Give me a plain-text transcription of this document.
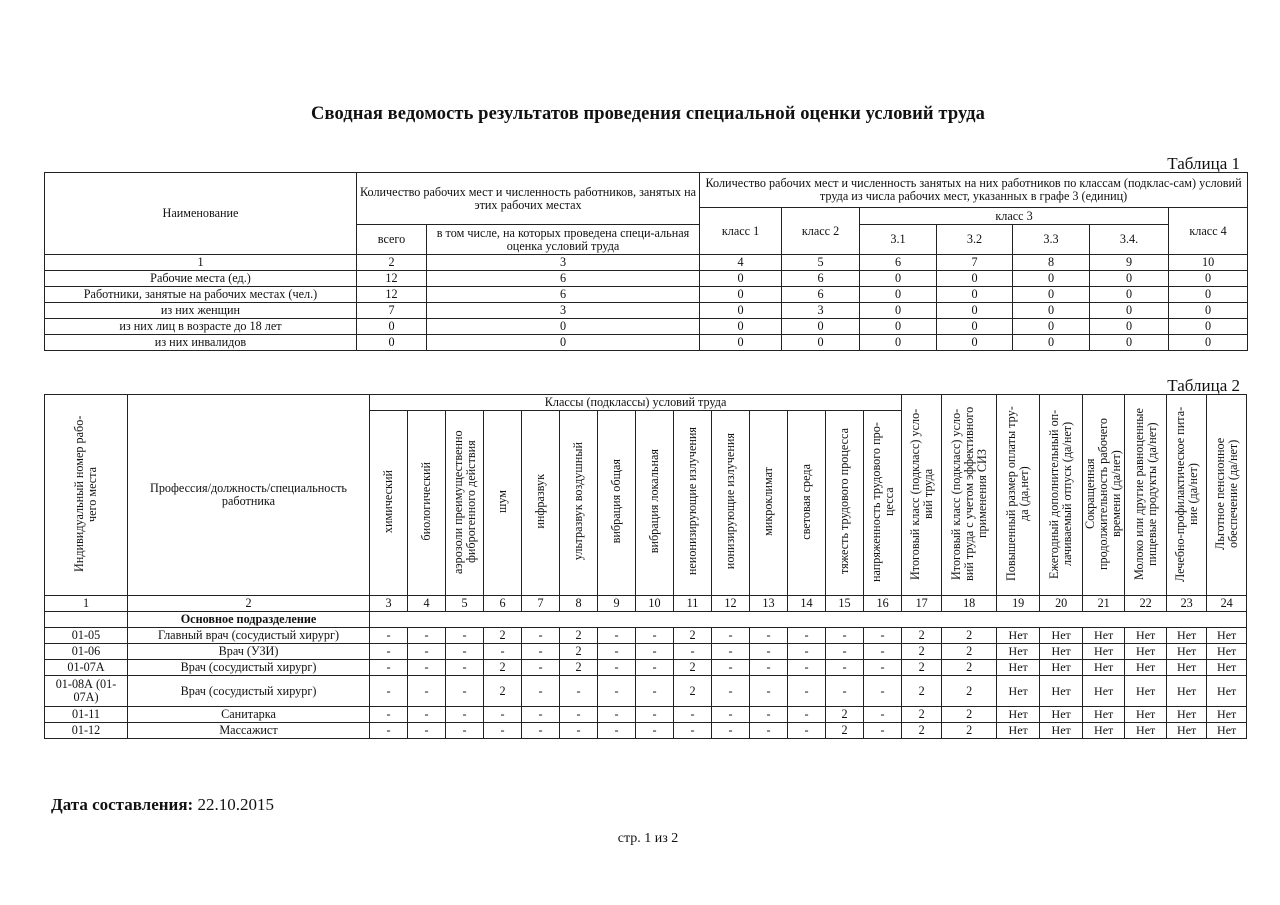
Сводная ведомость результатов проведения специальной оценки условий труда
Таблица 1
Наименование	Количество рабочих мест и численность работников, занятых на этих рабочих местах		Количество рабочих мест и численность занятых на них работников по классам (подклас-сам) условий труда из числа рабочих мест, указанных в графе 3 (единиц)						
			класс 1	класс 2	класс 3				класс 4
	всего	в том числе, на которых проведена специ-альная оценка условий труда			3.1	3.2	3.3	3.4.	
1	2	3	4	5	6	7	8	9	10
Рабочие места (ед.)	12	6	0	6	0	0	0	0	0
Работники, занятые на рабочих местах (чел.)	12	6	0	6	0	0	0	0	0
из них женщин	7	3	0	3	0	0	0	0	0
из них лиц в возрасте до 18 лет	0	0	0	0	0	0	0	0	0
из них инвалидов	0	0	0	0	0	0	0	0	0
Таблица 2
Индивидуальный номер рабо-чего места	Профессия/должность/специальность работника	Классы (подклассы) условий труда														Итоговый класс (подкласс) усло-вий труда	Итоговый класс (подкласс) усло-вий труда с учетом эффективного применения СИЗ	Повышенный размер оплаты тру-да (да,нет)	Ежегодный дополнительный оп-лачиваемый отпуск (да/нет)	Сокращенная продолжительность рабочего времени (да/нет)	Молоко или другие равноценные пищевые продукты (да/нет)	Лечебно-профилактическое пита-ние (да/нет)	Льготное пенсионное обеспечение (да/нет)
		химический	биологический	аэрозоли преимущественно фиброгенного действия	шум	инфразвук	ультразвук воздушный	вибрация общая	вибрация локальная	неионизирующие излучения	ионизирующие излучения	микроклимат	световая среда	тяжесть трудового процесса	напряженность трудового про-цесса								
1	2	3	4	5	6	7	8	9	10	11	12	13	14	15	16	17	18	19	20	21	22	23	24
	Основное подразделение																						
01-05	Главный врач (сосудистый хирург)	-	-	-	2	-	2	-	-	2	-	-	-	-	-	2	2	Нет	Нет	Нет	Нет	Нет	Нет
01-06	Врач (УЗИ)	-	-	-	-	-	2	-	-	-	-	-	-	-	-	2	2	Нет	Нет	Нет	Нет	Нет	Нет
01-07А	Врач (сосудистый хирург)	-	-	-	2	-	2	-	-	2	-	-	-	-	-	2	2	Нет	Нет	Нет	Нет	Нет	Нет
01-08А (01-07А)	Врач (сосудистый хирург)	-	-	-	2	-	-	-	-	2	-	-	-	-	-	2	2	Нет	Нет	Нет	Нет	Нет	Нет
01-11	Санитарка	-	-	-	-	-	-	-	-	-	-	-	-	2	-	2	2	Нет	Нет	Нет	Нет	Нет	Нет
01-12	Массажист	-	-	-	-	-	-	-	-	-	-	-	-	2	-	2	2	Нет	Нет	Нет	Нет	Нет	Нет
Дата составления: 22.10.2015
стр. 1 из 2
